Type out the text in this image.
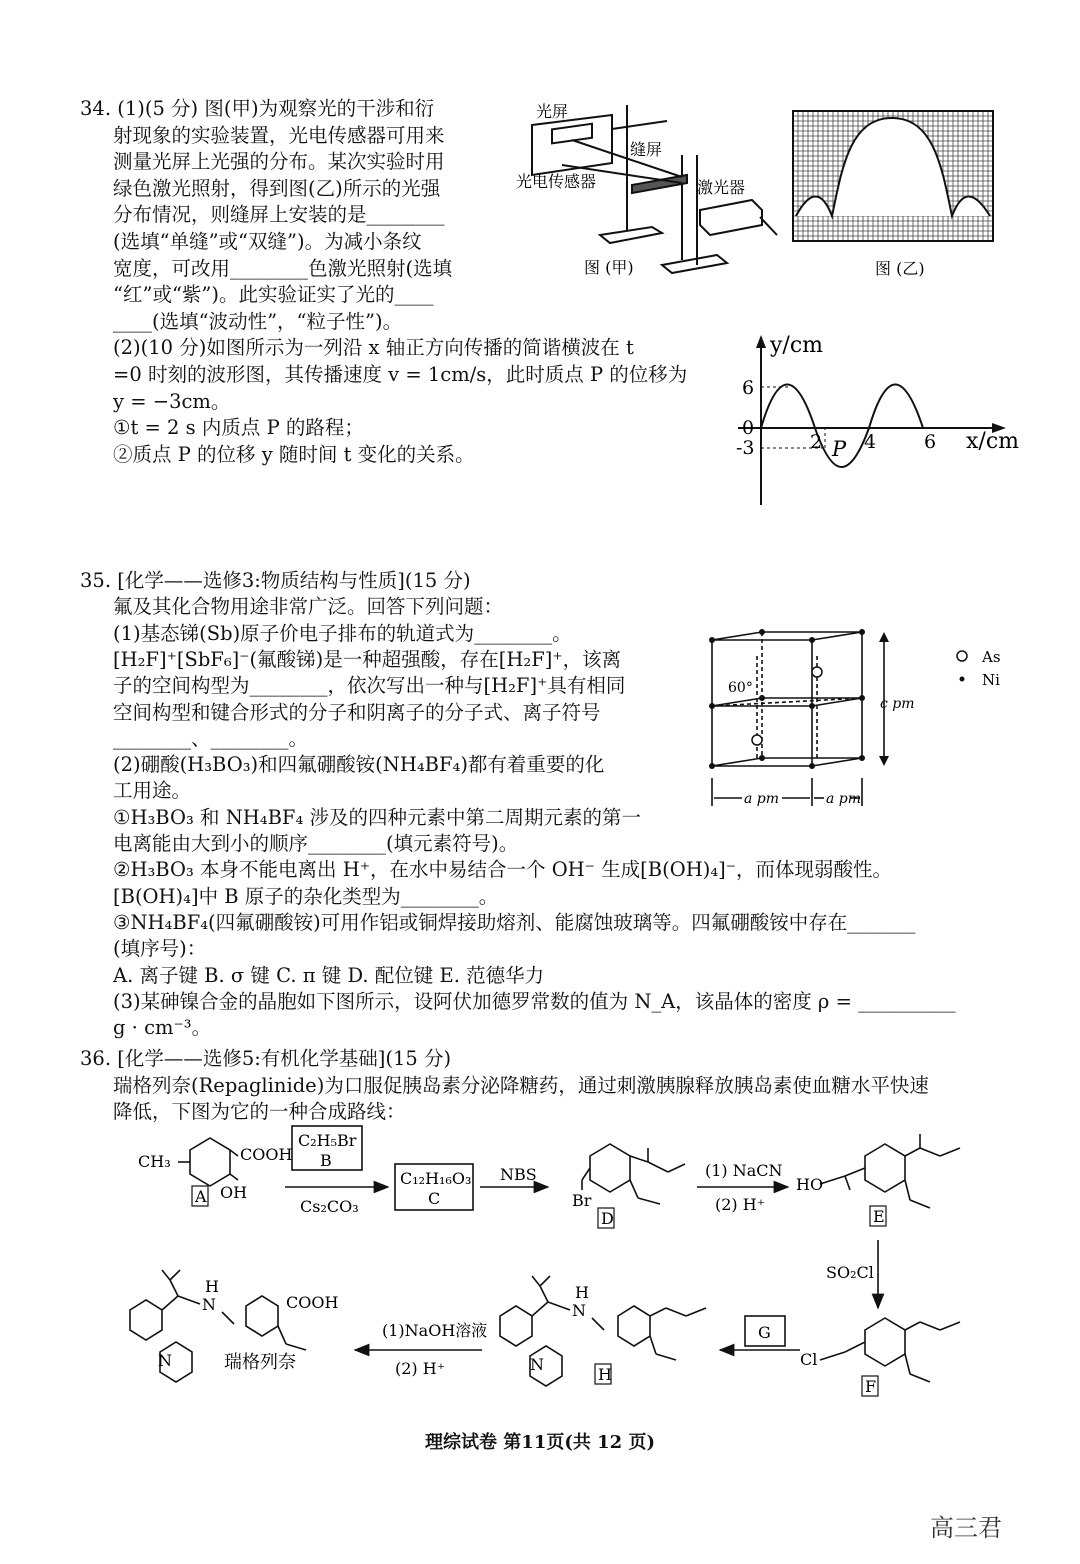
34. (1)(5 分) 图(甲)为观察光的干涉和衍
射现象的实验装置，光电传感器可用来
测量光屏上光强的分布。某次实验时用
绿色激光照射，得到图(乙)所示的光强
分布情况，则缝屏上安装的是________
(选填“单缝”或“双缝”)。为减小条纹
宽度，可改用________色激光照射(选填
“红”或“紫”)。此实验证实了光的____
____(选填“波动性”，“粒子性”)。
(2)(10 分)如图所示为一列沿 x 轴正方向传播的简谐横波在 t
=0 时刻的波形图，其传播速度 v = 1cm/s，此时质点 P 的位移为
y = −3cm。
①t = 2 s 内质点 P 的路程；
②质点 P 的位移 y 随时间 t 变化的关系。
光屏
光电传感器
缝屏
激光器
图 (甲)	图 (乙)
y/cm
x/cm
6
0
-3	2 4	6
P
35. [化学——选修3:物质结构与性质](15 分)
氟及其化合物用途非常广泛。回答下列问题：
(1)基态锑(Sb)原子价电子排布的轨道式为________。
[H₂F]⁺[SbF₆]⁻(氟酸锑)是一种超强酸，存在[H₂F]⁺，该离
子的空间构型为________，依次写出一种与[H₂F]⁺具有相同
空间构型和键合形式的分子和阴离子的分子式、离子符号
________、________。
(2)硼酸(H₃BO₃)和四氟硼酸铵(NH₄BF₄)都有着重要的化
工用途。
①H₃BO₃ 和 NH₄BF₄ 涉及的四种元素中第二周期元素的第一
电离能由大到小的顺序________(填元素符号)。
②H₃BO₃ 本身不能电离出 H⁺，在水中易结合一个 OH⁻ 生成[B(OH)₄]⁻，而体现弱酸性。
[B(OH)₄]中 B 原子的杂化类型为________。
③NH₄BF₄(四氟硼酸铵)可用作铝或铜焊接助熔剂、能腐蚀玻璃等。四氟硼酸铵中存在_______
(填序号)：
A. 离子键 B. σ 键 C. π 键 D. 配位键 E. 范德华力
(3)某砷镍合金的晶胞如下图所示，设阿伏加德罗常数的值为 N_A，该晶体的密度 ρ = __________
g · cm⁻³。
As
Ni
60°
c pm
a pm	a pm
36. [化学——选修5:有机化学基础](15 分)
瑞格列奈(Repaglinide)为口服促胰岛素分泌降糖药，通过刺激胰腺释放胰岛素使血糖水平快速
降低，下图为它的一种合成路线：
CH₃	COOH
OH
A
C₂H₅Br
B
Cs₂CO₃
C₁₂H₁₆O₃
C
NBS
Br
D
(1) NaCN
(2) H⁺
HO
E
SO₂Cl
Cl
F
G
N
H
N
H
(1)NaOH溶液
(2) H⁺
N
H
COOH
N	瑞格列奈
理综试卷 第11页(共 12 页)
高三君
